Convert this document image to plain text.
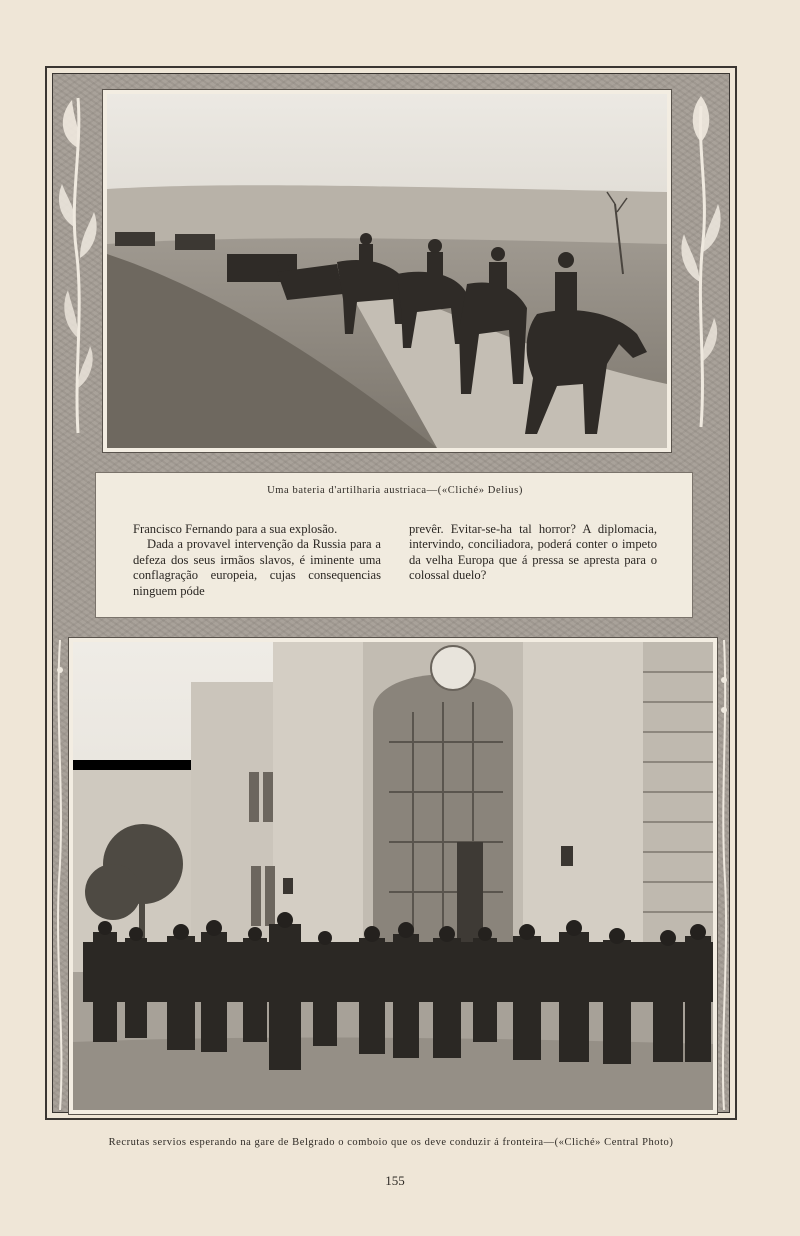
Uma bateria d'artilharia austriaca—(«Cliché» Delius)

Francisco Fernando para a sua explosão.

Dada a provavel intervenção da Russia para a defeza dos seus irmãos slavos, é iminente uma conflagração europeia, cujas consequencias ninguem póde

prevêr. Evitar-se-ha tal horror? A diplomacia, intervindo, conciliadora, poderá conter o impeto da velha Europa que á pressa se apresta para o colossal duelo?

Recrutas servios esperando na gare de Belgrado o comboio que os deve conduzir á fronteira—(«Cliché» Central Photo)
155
